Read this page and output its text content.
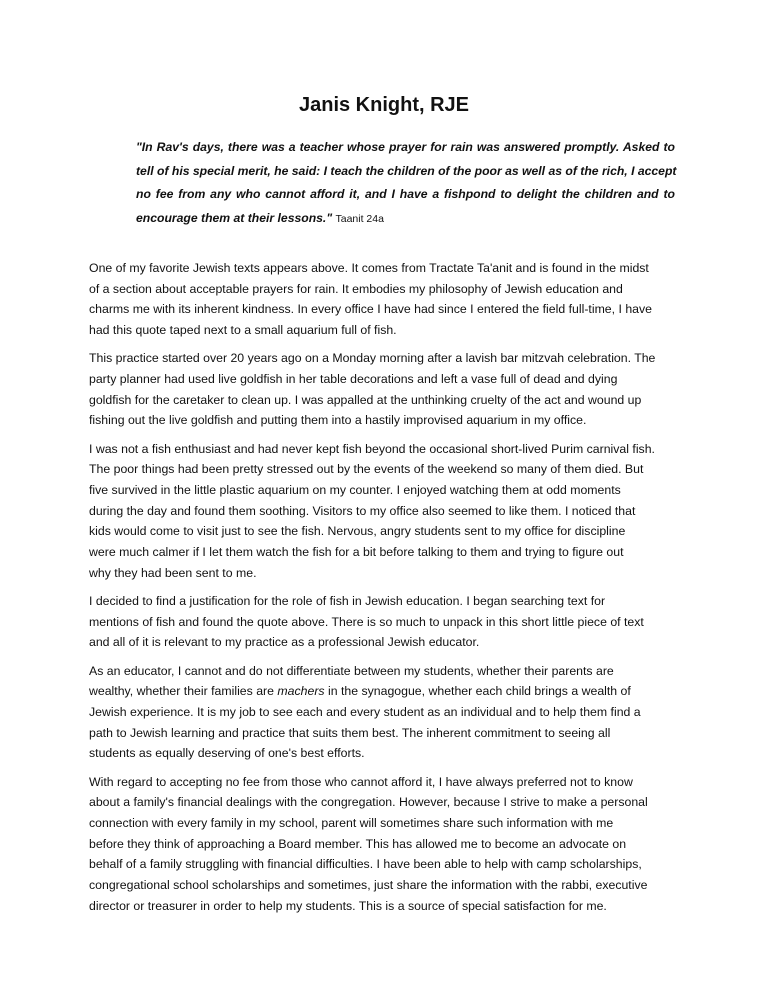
Janis Knight, RJE
"In Rav's days, there was a teacher whose prayer for rain was answered promptly. Asked to
tell of his special merit, he said: I teach the children of the poor as well as of the rich, I accept
no fee from any who cannot afford it, and I have a fishpond to delight the children and to
encourage them at their lessons." Taanit 24a

One of my favorite Jewish texts appears above. It comes from Tractate Ta'anit and is found in the midst
of a section about acceptable prayers for rain. It embodies my philosophy of Jewish education and
charms me with its inherent kindness. In every office I have had since I entered the field full-time, I have
had this quote taped next to a small aquarium full of fish.

This practice started over 20 years ago on a Monday morning after a lavish bar mitzvah celebration. The
party planner had used live goldfish in her table decorations and left a vase full of dead and dying
goldfish for the caretaker to clean up. I was appalled at the unthinking cruelty of the act and wound up
fishing out the live goldfish and putting them into a hastily improvised aquarium in my office.

I was not a fish enthusiast and had never kept fish beyond the occasional short-lived Purim carnival fish.
The poor things had been pretty stressed out by the events of the weekend so many of them died. But
five survived in the little plastic aquarium on my counter. I enjoyed watching them at odd moments
during the day and found them soothing. Visitors to my office also seemed to like them. I noticed that
kids would come to visit just to see the fish. Nervous, angry students sent to my office for discipline
were much calmer if I let them watch the fish for a bit before talking to them and trying to figure out
why they had been sent to me.

I decided to find a justification for the role of fish in Jewish education. I began searching text for
mentions of fish and found the quote above. There is so much to unpack in this short little piece of text
and all of it is relevant to my practice as a professional Jewish educator.

As an educator, I cannot and do not differentiate between my students, whether their parents are
wealthy, whether their families are machers in the synagogue, whether each child brings a wealth of
Jewish experience. It is my job to see each and every student as an individual and to help them find a
path to Jewish learning and practice that suits them best. The inherent commitment to seeing all
students as equally deserving of one's best efforts.

With regard to accepting no fee from those who cannot afford it, I have always preferred not to know
about a family's financial dealings with the congregation. However, because I strive to make a personal
connection with every family in my school, parent will sometimes share such information with me
before they think of approaching a Board member. This has allowed me to become an advocate on
behalf of a family struggling with financial difficulties. I have been able to help with camp scholarships,
congregational school scholarships and sometimes, just share the information with the rabbi, executive
director or treasurer in order to help my students. This is a source of special satisfaction for me.
